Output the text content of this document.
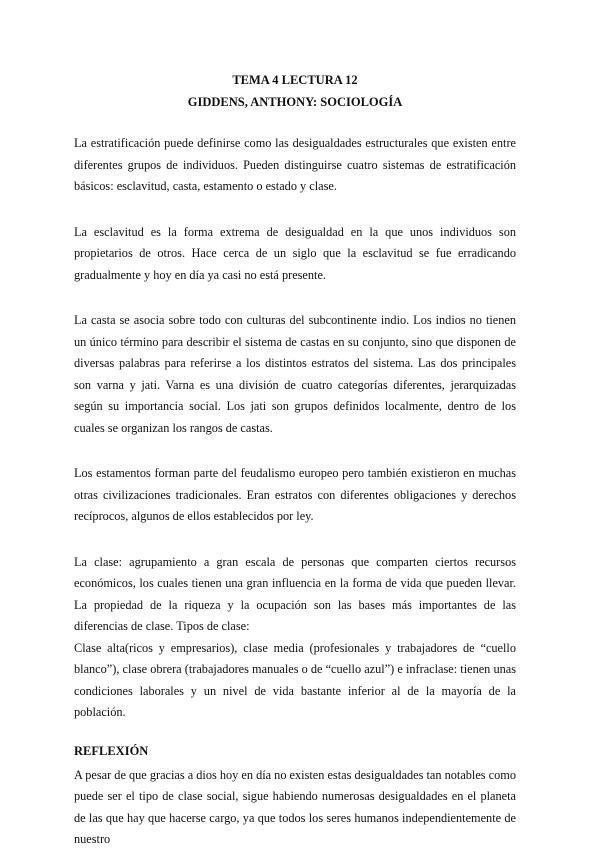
TEMA 4 LECTURA 12
GIDDENS, ANTHONY: SOCIOLOGÍA

La estratificación puede definirse como las desigualdades estructurales que existen entre diferentes grupos de individuos. Pueden distinguirse cuatro sistemas de estratificación básicos: esclavitud, casta, estamento o estado y clase.

La esclavitud es la forma extrema de desigualdad en la que unos individuos son propietarios de otros. Hace cerca de un siglo que la esclavitud se fue erradicando gradualmente y hoy en día ya casi no está presente.

La casta se asocia sobre todo con culturas del subcontinente indio. Los indios no tienen un único término para describir el sistema de castas en su conjunto, sino que disponen de diversas palabras para referirse a los distintos estratos del sistema. Las dos principales son varna y jati. Varna es una división de cuatro categorías diferentes, jerarquizadas según su importancia social. Los jati son grupos definidos localmente, dentro de los cuales se organizan los rangos de castas.

Los estamentos forman parte del feudalismo europeo pero también existieron en muchas otras civilizaciones tradicionales. Eran estratos con diferentes obligaciones y derechos recíprocos, algunos de ellos establecidos por ley.

La clase: agrupamiento a gran escala de personas que comparten ciertos recursos económicos, los cuales tienen una gran influencia en la forma de vida que pueden llevar. La propiedad de la riqueza y la ocupación son las bases más importantes de las diferencias de clase. Tipos de clase:

Clase alta(ricos y empresarios), clase media (profesionales y trabajadores de “cuello blanco”), clase obrera (trabajadores manuales o de “cuello azul”) e infraclase: tienen unas condiciones laborales y un nivel de vida bastante inferior al de la mayoría de la población.

REFLEXIÓN

A pesar de que gracias a dios hoy en día no existen estas desigualdades tan notables como puede ser el tipo de clase social, sigue habiendo numerosas desigualdades en el planeta de las que hay que hacerse cargo, ya que todos los seres humanos independientemente de nuestro
